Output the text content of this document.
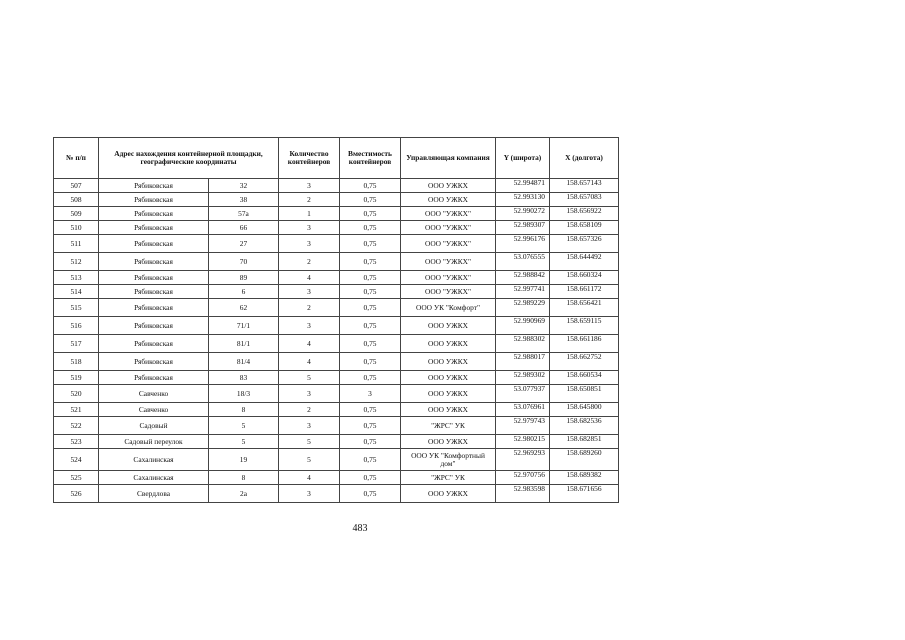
№ п/п	Адрес нахождения контейнерной площадки, географические координаты		Количество контейнеров	Вместимость контейнеров	Управляющая компания	Y (широта)	X (долгота)
507	Рябиковская	32	3	0,75	ООО УЖКХ	52.994871	158.657143
508	Рябиковская	38	2	0,75	ООО УЖКХ	52.993130	158.657083
509	Рябиковская	57а	1	0,75	ООО "УЖКХ"	52.990272	158.656922
510	Рябиковская	66	3	0,75	ООО "УЖКХ"	52.989307	158.658109
511	Рябиковская	27	3	0,75	ООО "УЖКХ"	52.996176	158.657326
512	Рябиковская	70	2	0,75	ООО "УЖКХ"	53.076555	158.644492
513	Рябиковская	89	4	0,75	ООО "УЖКХ"	52.988842	158.660324
514	Рябиковская	6	3	0,75	ООО "УЖКХ"	52.997741	158.661172
515	Рябиковская	62	2	0,75	ООО УК "Комфорт"	52.989229	158.656421
516	Рябиковская	71/1	3	0,75	ООО УЖКХ	52.990969	158.659115
517	Рябиковская	81/1	4	0,75	ООО УЖКХ	52.988302	158.661186
518	Рябиковская	81/4	4	0,75	ООО УЖКХ	52.988017	158.662752
519	Рябиковская	83	5	0,75	ООО УЖКХ	52.989302	158.660534
520	Савченко	18/3	3	3	ООО УЖКХ	53.077937	158.650851
521	Савченко	8	2	0,75	ООО УЖКХ	53.076961	158.645800
522	Садовый	5	3	0,75	"ЖРС" УК	52.979743	158.682536
523	Садовый переулок	5	5	0,75	ООО УЖКХ	52.980215	158.682851
524	Сахалинская	19	5	0,75	ООО УК "Комфортный дом"	52.969293	158.689260
525	Сахалинская	8	4	0,75	"ЖРС" УК	52.970756	158.689382
526	Свердлова	2а	3	0,75	ООО УЖКХ	52.983598	158.671656
483
